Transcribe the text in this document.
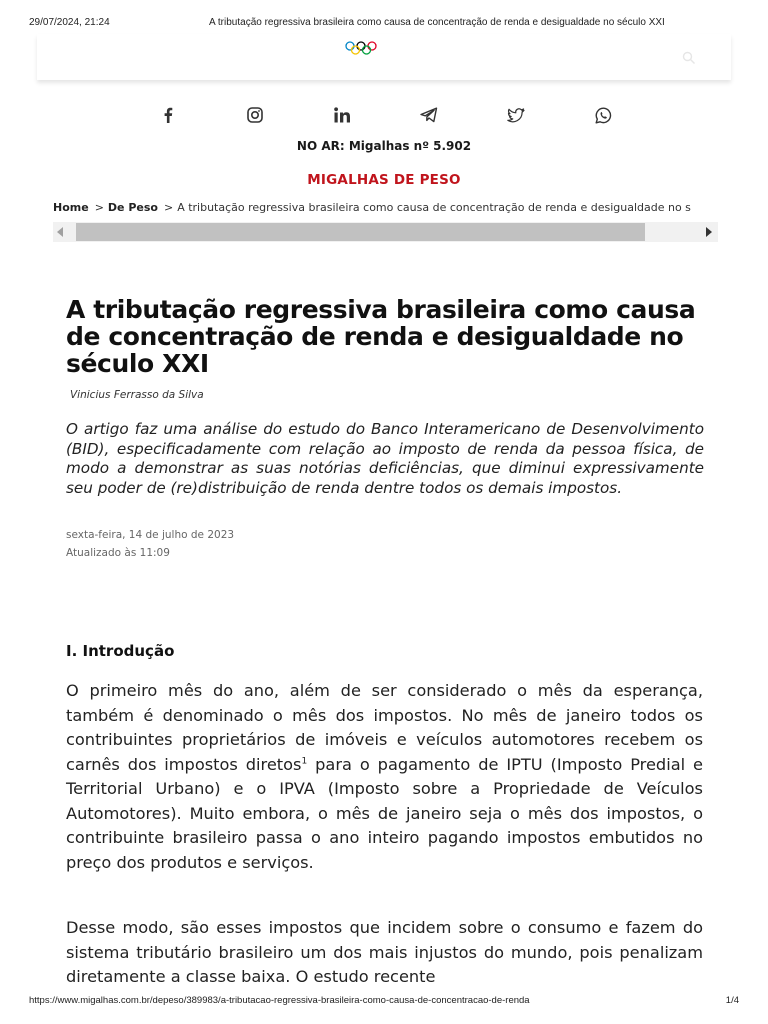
29/07/2024, 21:24	A tributação regressiva brasileira como causa de concentração de renda e desigualdade no século XXI
NO AR: Migalhas nº 5.902
MIGALHAS DE PESO
Home > De Peso > A tributação regressiva brasileira como causa de concentração de renda e desigualdade no s
A tributação regressiva brasileira como causa de concentração de renda e desigualdade no século XXI
Vinicius Ferrasso da Silva

O artigo faz uma análise do estudo do Banco Interamericano de Desenvolvimento (BID), especificadamente com relação ao imposto de renda da pessoa física, de modo a demonstrar as suas notórias deficiências, que diminui expressivamente seu poder de (re)distribuição de renda dentre todos os demais impostos.

sexta-feira, 14 de julho de 2023
Atualizado às 11:09
I. Introdução

O primeiro mês do ano, além de ser considerado o mês da esperança, também é denominado o mês dos impostos. No mês de janeiro todos os contribuintes proprietários de imóveis e veículos automotores recebem os carnês dos impostos diretos$^1$ para o pagamento de IPTU (Imposto Predial e Territorial Urbano) e o IPVA (Imposto sobre a Propriedade de Veículos Automotores). Muito embora, o mês de janeiro seja o mês dos impostos, o contribuinte brasileiro passa o ano inteiro pagando impostos embutidos no preço dos produtos e serviços.

Desse modo, são esses impostos que incidem sobre o consumo e fazem do sistema tributário brasileiro um dos mais injustos do mundo, pois penalizam diretamente a classe baixa. O estudo recente

https://www.migalhas.com.br/depeso/389983/a-tributacao-regressiva-brasileira-como-causa-de-concentracao-de-renda	1/4
